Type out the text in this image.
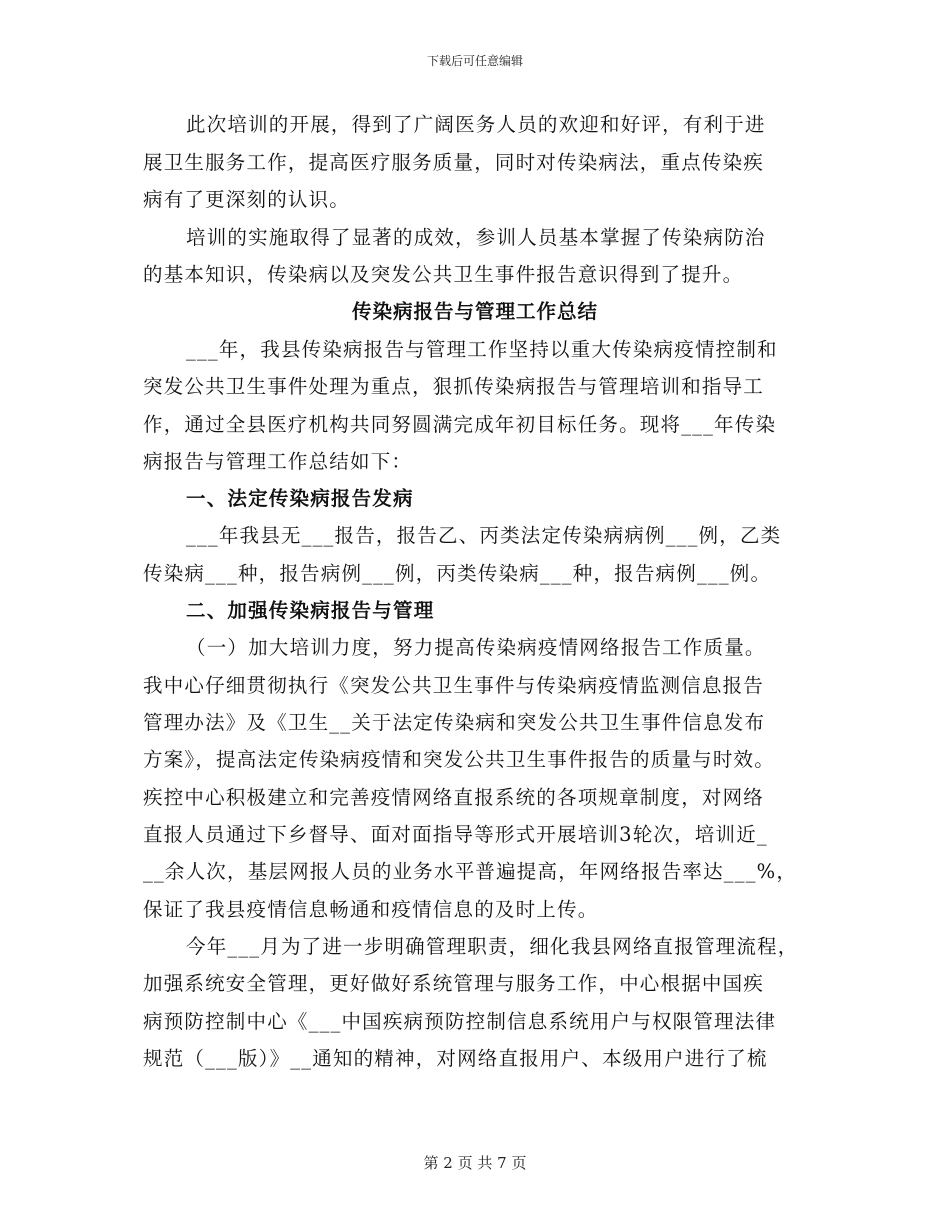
下载后可任意编辑
此次培训的开展，得到了广阔医务人员的欢迎和好评，有利于进
展卫生服务工作，提高医疗服务质量，同时对传染病法，重点传染疾
病有了更深刻的认识。
培训的实施取得了显著的成效，参训人员基本掌握了传染病防治
的基本知识，传染病以及突发公共卫生事件报告意识得到了提升。
传染病报告与管理工作总结
___年，我县传染病报告与管理工作坚持以重大传染病疫情控制和
突发公共卫生事件处理为重点，狠抓传染病报告与管理培训和指导工
作，通过全县医疗机构共同努圆满完成年初目标任务。现将___年传染
病报告与管理工作总结如下：
一、法定传染病报告发病
___年我县无___报告，报告乙、丙类法定传染病病例___例，乙类
传染病___种，报告病例___例，丙类传染病___种，报告病例___例。
二、加强传染病报告与管理
（一）加大培训力度，努力提高传染病疫情网络报告工作质量。
我中心仔细贯彻执行《突发公共卫生事件与传染病疫情监测信息报告
管理办法》及《卫生__关于法定传染病和突发公共卫生事件信息发布
方案》，提高法定传染病疫情和突发公共卫生事件报告的质量与时效。
疾控中心积极建立和完善疫情网络直报系统的各项规章制度，对网络
直报人员通过下乡督导、面对面指导等形式开展培训3轮次，培训近_
__余人次，基层网报人员的业务水平普遍提高，年网络报告率达___%，
保证了我县疫情信息畅通和疫情信息的及时上传。
今年___月为了进一步明确管理职责，细化我县网络直报管理流程，
加强系统安全管理，更好做好系统管理与服务工作，中心根据中国疾
病预防控制中心《___中国疾病预防控制信息系统用户与权限管理法律
规范（___版）》__通知的精神，对网络直报用户、本级用户进行了梳
第 2 页 共 7 页
